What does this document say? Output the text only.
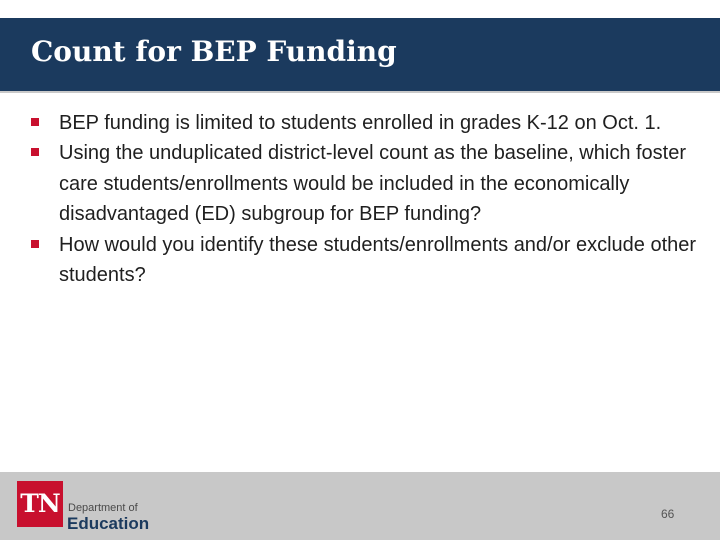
Count for BEP Funding
BEP funding is limited to students enrolled in grades K-12 on Oct. 1.
Using the unduplicated district-level count as the baseline, which foster care students/enrollments would be included in the economically disadvantaged (ED) subgroup for BEP funding?
How would you identify these students/enrollments and/or exclude other students?
TN Department of
Education	66
